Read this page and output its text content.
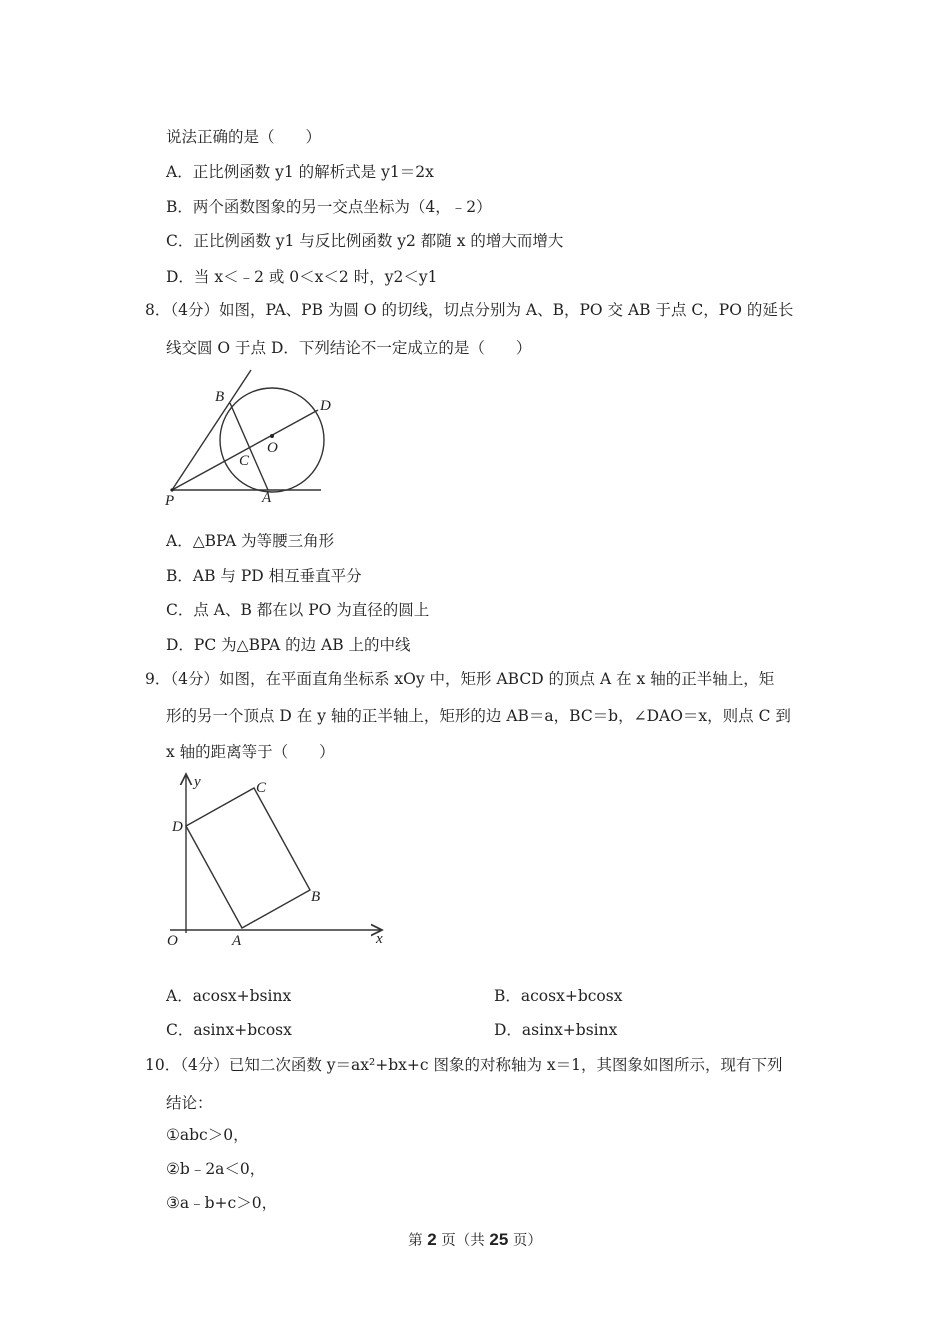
说法正确的是（　　）
A．正比例函数 y1 的解析式是 y1＝2x
B．两个函数图象的另一交点坐标为（4，﹣2）
C．正比例函数 y1 与反比例函数 y2 都随 x 的增大而增大
D．当 x＜﹣2 或 0＜x＜2 时，y2＜y1
8．（4分）如图，PA、PB 为圆 O 的切线，切点分别为 A、B，PO 交 AB 于点 C，PO 的延长
线交圆 O 于点 D．下列结论不一定成立的是（　　）
B
D
O
C
P	A
A．△BPA 为等腰三角形
B．AB 与 PD 相互垂直平分
C．点 A、B 都在以 PO 为直径的圆上
D．PC 为△BPA 的边 AB 上的中线
9．（4分）如图，在平面直角坐标系 xOy 中，矩形 ABCD 的顶点 A 在 x 轴的正半轴上，矩
形的另一个顶点 D 在 y 轴的正半轴上，矩形的边 AB＝a，BC＝b，∠DAO＝x，则点 C 到
x 轴的距离等于（　　）
y	C
D
B
O	A	x
A．acosx+bsinx	B．acosx+bcosx
C．asinx+bcosx	D．asinx+bsinx
10．（4分）已知二次函数 y＝ax²+bx+c 图象的对称轴为 x＝1，其图象如图所示，现有下列
结论：
①abc＞0，
②b﹣2a＜0，
③a﹣b+c＞0，
第 2 页（共 25 页）
